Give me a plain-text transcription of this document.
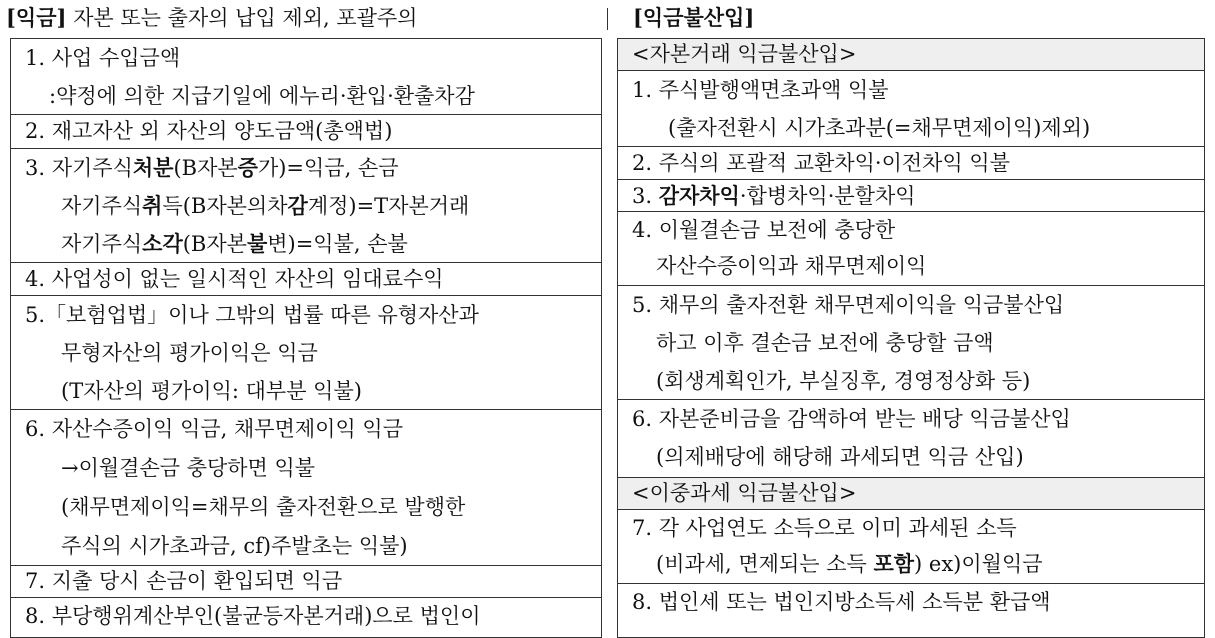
[익금] 자본 또는 출자의 납입 제외, 포괄주의	[익금불산입]
1. 사업 수입금액
:약정에 의한 지급기일에 에누리·환입·환출차감
2. 재고자산 외 자산의 양도금액(총액법)
3. 자기주식처분(B자본증가)=익금, 손금
자기주식취득(B자본의차감계정)=T자본거래
자기주식소각(B자본불변)=익불, 손불
4. 사업성이 없는 일시적인 자산의 임대료수익
5.「보험업법」이나 그밖의 법률 따른 유형자산과
무형자산의 평가이익은 익금
(T자산의 평가이익: 대부분 익불)
6. 자산수증이익 익금, 채무면제이익 익금
→이월결손금 충당하면 익불
(채무면제이익=채무의 출자전환으로 발행한
주식의 시가초과금, cf)주발초는 익불)
7. 지출 당시 손금이 환입되면 익금
8. 부당행위계산부인(불균등자본거래)으로 법인이
<자본거래 익금불산입>
1. 주식발행액면초과액 익불
(출자전환시 시가초과분(=채무면제이익)제외)
2. 주식의 포괄적 교환차익·이전차익 익불
3. 감자차익·합병차익·분할차익
4. 이월결손금 보전에 충당한
자산수증이익과 채무면제이익
5. 채무의 출자전환 채무면제이익을 익금불산입
하고 이후 결손금 보전에 충당할 금액
(회생계획인가, 부실징후, 경영정상화 등)
6. 자본준비금을 감액하여 받는 배당 익금불산입
(의제배당에 해당해 과세되면 익금 산입)
<이중과세 익금불산입>
7. 각 사업연도 소득으로 이미 과세된 소득
(비과세, 면제되는 소득 포함) ex)이월익금
8. 법인세 또는 법인지방소득세 소득분 환급액
